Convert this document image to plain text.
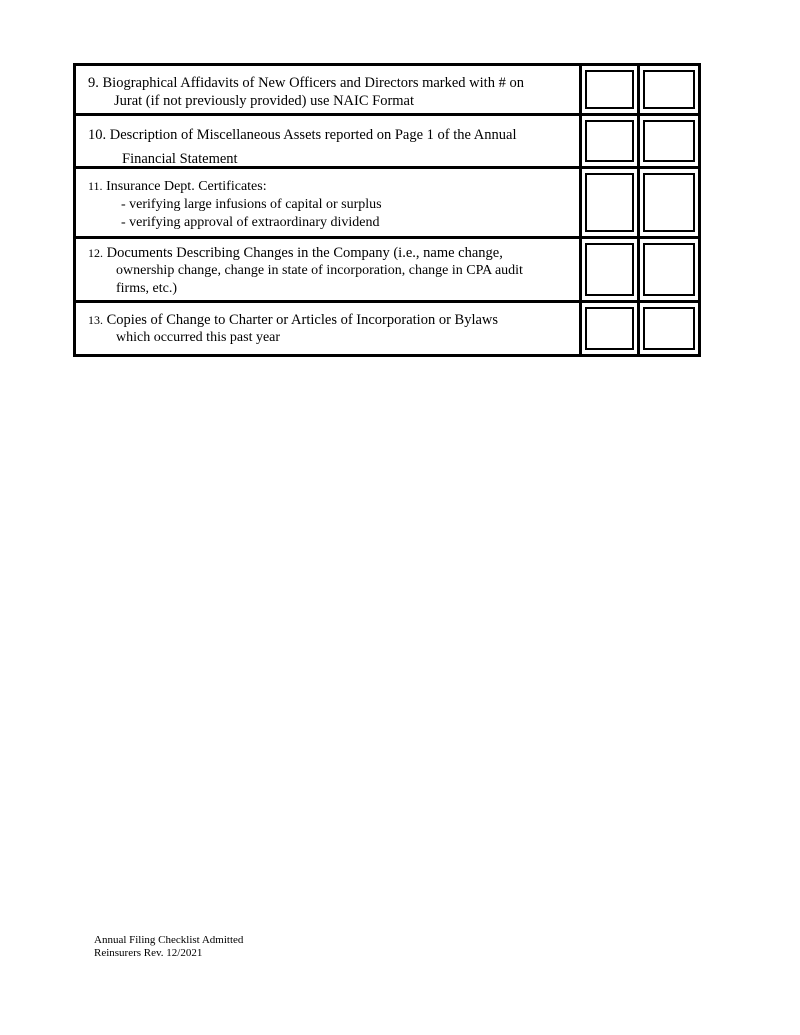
9. Biographical Affidavits of New Officers and Directors marked with # on
Jurat (if not previously provided) use NAIC Format
10. Description of Miscellaneous Assets reported on Page 1 of the Annual
Financial Statement
11. Insurance Dept. Certificates:
- verifying large infusions of capital or surplus
- verifying approval of extraordinary dividend
12. Documents Describing Changes in the Company (i.e., name change,
ownership change, change in state of incorporation, change in CPA audit
firms, etc.)
13. Copies of Change to Charter or Articles of Incorporation or Bylaws
which occurred this past year
Annual Filing Checklist Admitted
Reinsurers Rev. 12/2021
